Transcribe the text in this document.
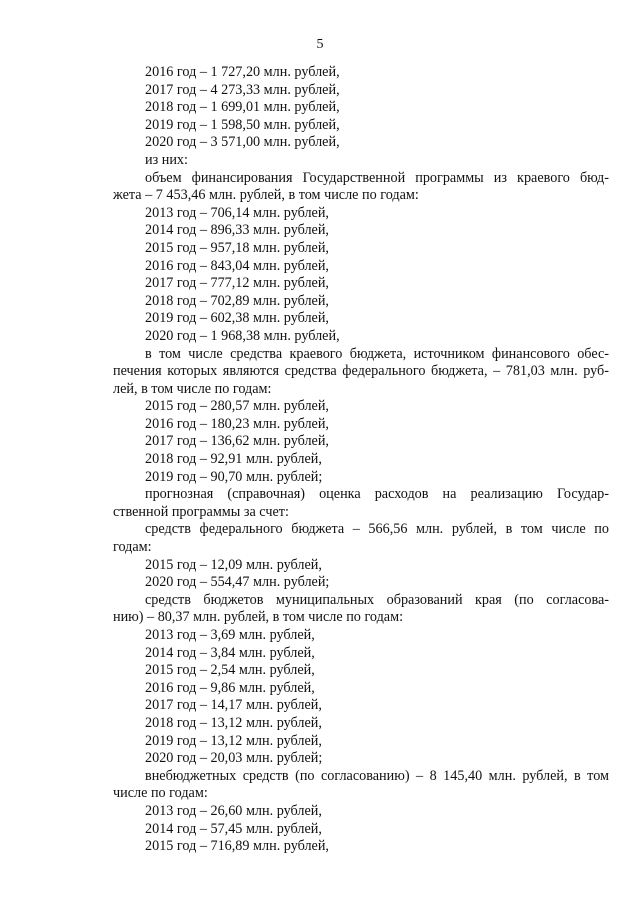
5
2016 год – 1 727,20 млн. рублей,
2017 год – 4 273,33 млн. рублей,
2018 год – 1 699,01 млн. рублей,
2019 год – 1 598,50 млн. рублей,
2020 год – 3 571,00 млн. рублей,
из них:
объем финансирования Государственной программы из краевого бюд-
жета – 7 453,46 млн. рублей, в том числе по годам:
2013 год – 706,14 млн. рублей,
2014 год – 896,33 млн. рублей,
2015 год – 957,18 млн. рублей,
2016 год – 843,04 млн. рублей,
2017 год – 777,12 млн. рублей,
2018 год – 702,89 млн. рублей,
2019 год – 602,38 млн. рублей,
2020 год – 1 968,38 млн. рублей,
в том числе средства краевого бюджета, источником финансового обес-
печения которых являются средства федерального бюджета, – 781,03 млн. руб-
лей, в том числе по годам:
2015 год – 280,57 млн. рублей,
2016 год – 180,23 млн. рублей,
2017 год – 136,62 млн. рублей,
2018 год – 92,91 млн. рублей,
2019 год – 90,70 млн. рублей;
прогнозная (справочная) оценка расходов на реализацию Государ-
ственной программы за счет:
средств федерального бюджета – 566,56 млн. рублей, в том числе по
годам:
2015 год – 12,09 млн. рублей,
2020 год – 554,47 млн. рублей;
средств бюджетов муниципальных образований края (по согласова-
нию) – 80,37 млн. рублей, в том числе по годам:
2013 год – 3,69 млн. рублей,
2014 год – 3,84 млн. рублей,
2015 год – 2,54 млн. рублей,
2016 год – 9,86 млн. рублей,
2017 год – 14,17 млн. рублей,
2018 год – 13,12 млн. рублей,
2019 год – 13,12 млн. рублей,
2020 год – 20,03 млн. рублей;
внебюджетных средств (по согласованию) – 8 145,40 млн. рублей, в том
числе по годам:
2013 год – 26,60 млн. рублей,
2014 год – 57,45 млн. рублей,
2015 год – 716,89 млн. рублей,
